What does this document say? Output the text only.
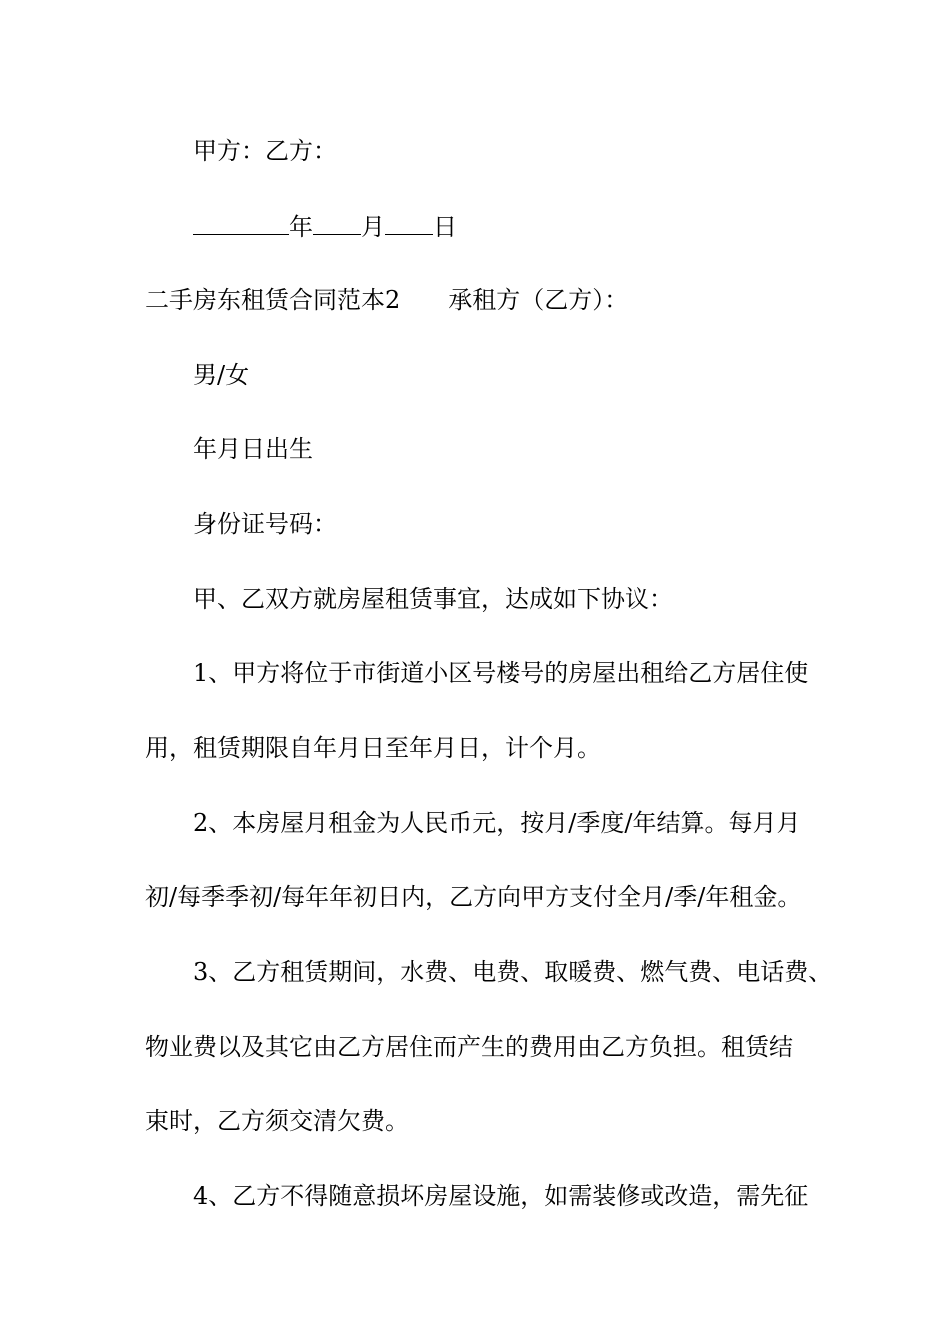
甲方：乙方：
年 月 日
二手房东租赁合同范本2 承租方（乙方）：
男/女
年月日出生
身份证号码：
甲、乙双方就房屋租赁事宜，达成如下协议：
1、甲方将位于市街道小区号楼号的房屋出租给乙方居住使
用，租赁期限自年月日至年月日，计个月。
2、本房屋月租金为人民币元，按月/季度/年结算。每月月
初/每季季初/每年年初日内，乙方向甲方支付全月/季/年租金。
3、乙方租赁期间，水费、电费、取暖费、燃气费、电话费、
物业费以及其它由乙方居住而产生的费用由乙方负担。租赁结
束时，乙方须交清欠费。
4、乙方不得随意损坏房屋设施，如需装修或改造，需先征
